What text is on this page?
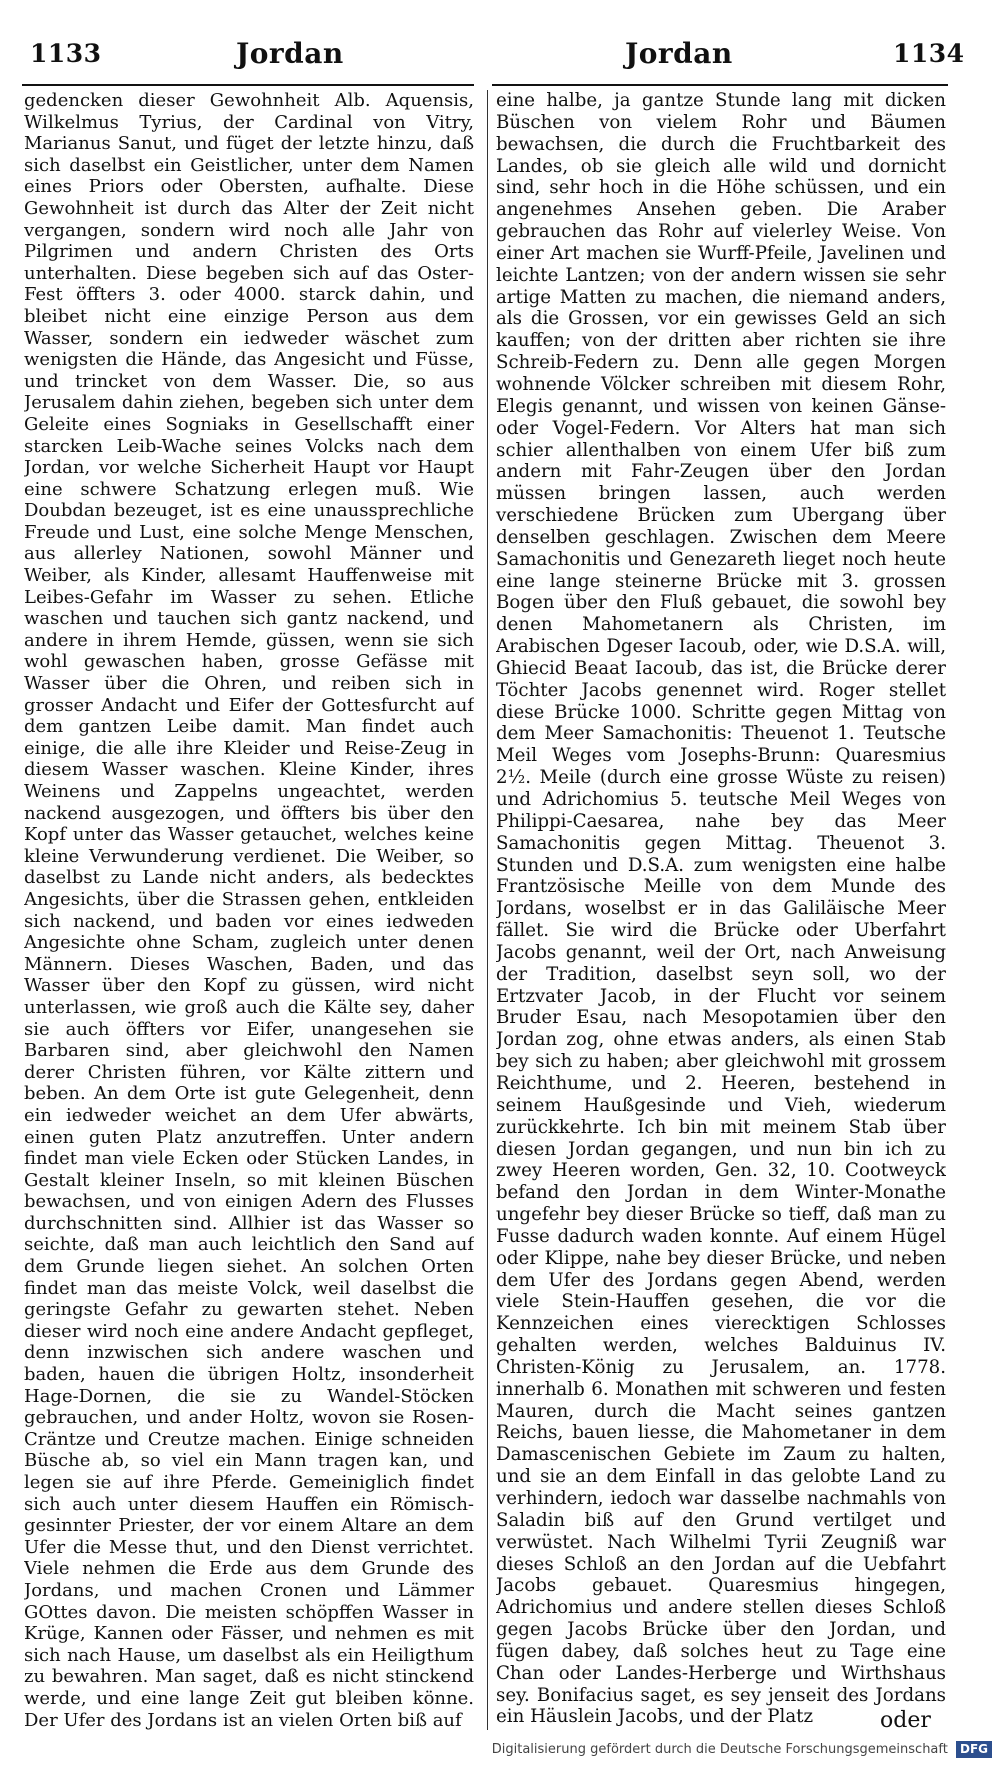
1133	Jordan	Jordan	1134

gedencken dieser Gewohnheit Alb. Aquensis, Wilkelmus Tyrius, der Cardinal von Vitry, Marianus Sanut, und füget der letzte hinzu, daß sich daselbst ein Geistlicher, unter dem Namen eines Priors oder Obersten, aufhalte. Diese Gewohnheit ist durch das Alter der Zeit nicht vergangen, sondern wird noch alle Jahr von Pilgrimen und andern Christen des Orts unterhalten. Diese begeben sich auf das Oster-Fest öffters 3. oder 4000. starck dahin, und bleibet nicht eine einzige Person aus dem Wasser, sondern ein iedweder wäschet zum wenigsten die Hände, das Angesicht und Füsse, und trincket von dem Wasser. Die, so aus Jerusalem dahin ziehen, begeben sich unter dem Geleite eines Sogniaks in Gesellschafft einer starcken Leib-Wache seines Volcks nach dem Jordan, vor welche Sicherheit Haupt vor Haupt eine schwere Schatzung erlegen muß. Wie Doubdan bezeuget, ist es eine unaussprechliche Freude und Lust, eine solche Menge Menschen, aus allerley Nationen, sowohl Männer und Weiber, als Kinder, allesamt Hauffenweise mit Leibes-Gefahr im Wasser zu sehen. Etliche waschen und tauchen sich gantz nackend, und andere in ihrem Hemde, güssen, wenn sie sich wohl gewaschen haben, grosse Gefässe mit Wasser über die Ohren, und reiben sich in grosser Andacht und Eifer der Gottesfurcht auf dem gantzen Leibe damit. Man findet auch einige, die alle ihre Kleider und Reise-Zeug in diesem Wasser waschen. Kleine Kinder, ihres Weinens und Zappelns ungeachtet, werden nackend ausgezogen, und öffters bis über den Kopf unter das Wasser getauchet, welches keine kleine Verwunderung verdienet. Die Weiber, so daselbst zu Lande nicht anders, als bedecktes Angesichts, über die Strassen gehen, entkleiden sich nackend, und baden vor eines iedweden Angesichte ohne Scham, zugleich unter denen Männern. Dieses Waschen, Baden, und das Wasser über den Kopf zu güssen, wird nicht unterlassen, wie groß auch die Kälte sey, daher sie auch öffters vor Eifer, unangesehen sie Barbaren sind, aber gleichwohl den Namen derer Christen führen, vor Kälte zittern und beben. An dem Orte ist gute Gelegenheit, denn ein iedweder weichet an dem Ufer abwärts, einen guten Platz anzutreffen. Unter andern findet man viele Ecken oder Stücken Landes, in Gestalt kleiner Inseln, so mit kleinen Büschen bewachsen, und von einigen Adern des Flusses durchschnitten sind. Allhier ist das Wasser so seichte, daß man auch leichtlich den Sand auf dem Grunde liegen siehet. An solchen Orten findet man das meiste Volck, weil daselbst die geringste Gefahr zu gewarten stehet. Neben dieser wird noch eine andere Andacht gepfleget, denn inzwischen sich andere waschen und baden, hauen die übrigen Holtz, insonderheit Hage-Dornen, die sie zu Wandel-Stöcken gebrauchen, und ander Holtz, wovon sie Rosen-Cräntze und Creutze machen. Einige schneiden Büsche ab, so viel ein Mann tragen kan, und legen sie auf ihre Pferde. Gemeiniglich findet sich auch unter diesem Hauffen ein Römisch-gesinnter Priester, der vor einem Altare an dem Ufer die Messe thut, und den Dienst verrichtet. Viele nehmen die Erde aus dem Grunde des Jordans, und machen Cronen und Lämmer GOttes davon. Die meisten schöpffen Wasser in Krüge, Kannen oder Fässer, und nehmen es mit sich nach Hause, um daselbst als ein Heiligthum zu bewahren. Man saget, daß es nicht stinckend werde, und eine lange Zeit gut bleiben könne. Der Ufer des Jordans ist an vielen Orten biß auf

eine halbe, ja gantze Stunde lang mit dicken Büschen von vielem Rohr und Bäumen bewachsen, die durch die Fruchtbarkeit des Landes, ob sie gleich alle wild und dornicht sind, sehr hoch in die Höhe schüssen, und ein angenehmes Ansehen geben. Die Araber gebrauchen das Rohr auf vielerley Weise. Von einer Art machen sie Wurff-Pfeile, Javelinen und leichte Lantzen; von der andern wissen sie sehr artige Matten zu machen, die niemand anders, als die Grossen, vor ein gewisses Geld an sich kauffen; von der dritten aber richten sie ihre Schreib-Federn zu. Denn alle gegen Morgen wohnende Völcker schreiben mit diesem Rohr, Elegis genannt, und wissen von keinen Gänse- oder Vogel-Federn. Vor Alters hat man sich schier allenthalben von einem Ufer biß zum andern mit Fahr-Zeugen über den Jordan müssen bringen lassen, auch werden verschiedene Brücken zum Ubergang über denselben geschlagen. Zwischen dem Meere Samachonitis und Genezareth lieget noch heute eine lange steinerne Brücke mit 3. grossen Bogen über den Fluß gebauet, die sowohl bey denen Mahometanern als Christen, im Arabischen Dgeser Iacoub, oder, wie D.S.A. will, Ghiecid Beaat Iacoub, das ist, die Brücke derer Töchter Jacobs genennet wird. Roger stellet diese Brücke 1000. Schritte gegen Mittag von dem Meer Samachonitis: Theuenot 1. Teutsche Meil Weges vom Josephs-Brunn: Quaresmius 2½. Meile (durch eine grosse Wüste zu reisen) und Adrichomius 5. teutsche Meil Weges von Philippi-Caesarea, nahe bey das Meer Samachonitis gegen Mittag. Theuenot 3. Stunden und D.S.A. zum wenigsten eine halbe Frantzösische Meille von dem Munde des Jordans, woselbst er in das Galiläische Meer fället. Sie wird die Brücke oder Uberfahrt Jacobs genannt, weil der Ort, nach Anweisung der Tradition, daselbst seyn soll, wo der Ertzvater Jacob, in der Flucht vor seinem Bruder Esau, nach Mesopotamien über den Jordan zog, ohne etwas anders, als einen Stab bey sich zu haben; aber gleichwohl mit grossem Reichthume, und 2. Heeren, bestehend in seinem Haußgesinde und Vieh, wiederum zurückkehrte. Ich bin mit meinem Stab über diesen Jordan gegangen, und nun bin ich zu zwey Heeren worden, Gen. 32, 10. Cootweyck befand den Jordan in dem Winter-Monathe ungefehr bey dieser Brücke so tieff, daß man zu Fusse dadurch waden konnte. Auf einem Hügel oder Klippe, nahe bey dieser Brücke, und neben dem Ufer des Jordans gegen Abend, werden viele Stein-Hauffen gesehen, die vor die Kennzeichen eines vierecktigen Schlosses gehalten werden, welches Balduinus IV. Christen-König zu Jerusalem, an. 1778. innerhalb 6. Monathen mit schweren und festen Mauren, durch die Macht seines gantzen Reichs, bauen liesse, die Mahometaner in dem Damascenischen Gebiete im Zaum zu halten, und sie an dem Einfall in das gelobte Land zu verhindern, iedoch war dasselbe nachmahls von Saladin biß auf den Grund vertilget und verwüstet. Nach Wilhelmi Tyrii Zeugniß war dieses Schloß an den Jordan auf die Uebfahrt Jacobs gebauet. Quaresmius hingegen, Adrichomius und andere stellen dieses Schloß gegen Jacobs Brücke über den Jordan, und fügen dabey, daß solches heut zu Tage eine Chan oder Landes-Herberge und Wirthshaus sey. Bonifacius saget, es sey jenseit des Jordans ein Häuslein Jacobs, und der Platz	oder
Digitalisierung gefördert durch die Deutsche Forschungsgemeinschaft DFG
